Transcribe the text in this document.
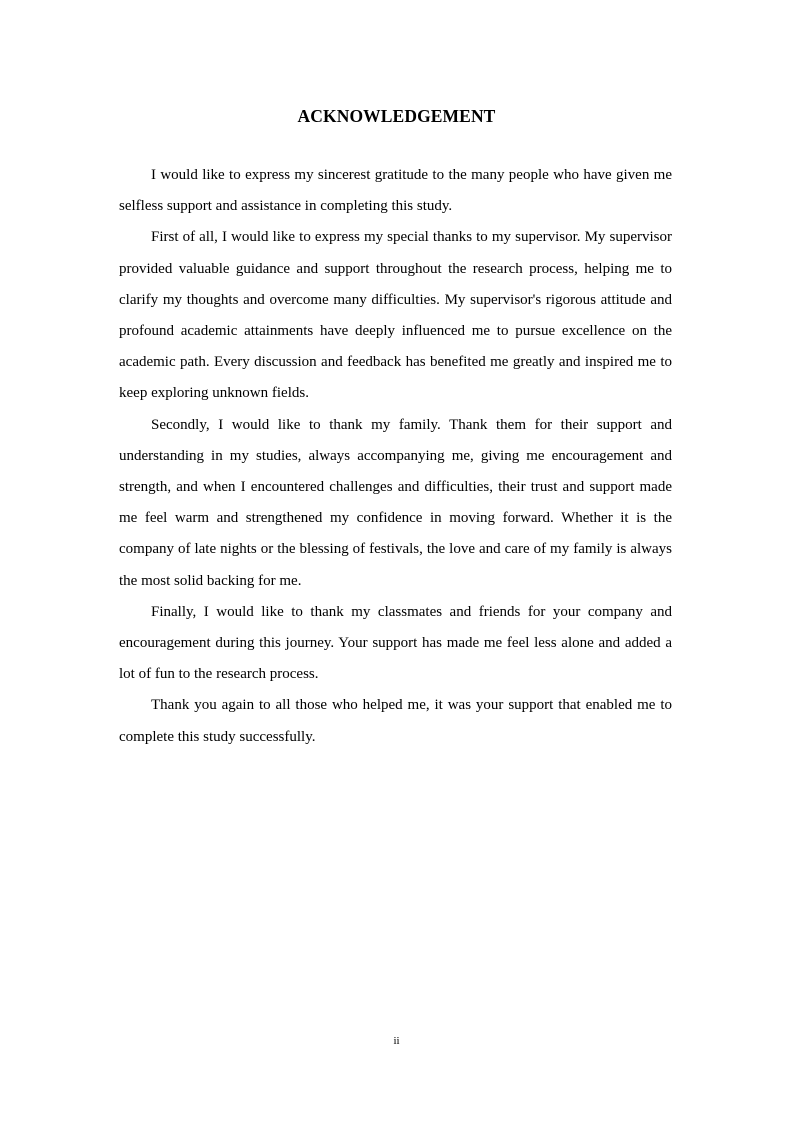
ACKNOWLEDGEMENT

I would like to express my sincerest gratitude to the many people who have given me selfless support and assistance in completing this study.

First of all, I would like to express my special thanks to my supervisor. My supervisor provided valuable guidance and support throughout the research process, helping me to clarify my thoughts and overcome many difficulties. My supervisor's rigorous attitude and profound academic attainments have deeply influenced me to pursue excellence on the academic path. Every discussion and feedback has benefited me greatly and inspired me to keep exploring unknown fields.

Secondly, I would like to thank my family. Thank them for their support and understanding in my studies, always accompanying me, giving me encouragement and strength, and when I encountered challenges and difficulties, their trust and support made me feel warm and strengthened my confidence in moving forward. Whether it is the company of late nights or the blessing of festivals, the love and care of my family is always the most solid backing for me.

Finally, I would like to thank my classmates and friends for your company and encouragement during this journey. Your support has made me feel less alone and added a lot of fun to the research process.

Thank you again to all those who helped me, it was your support that enabled me to complete this study successfully.

ii
